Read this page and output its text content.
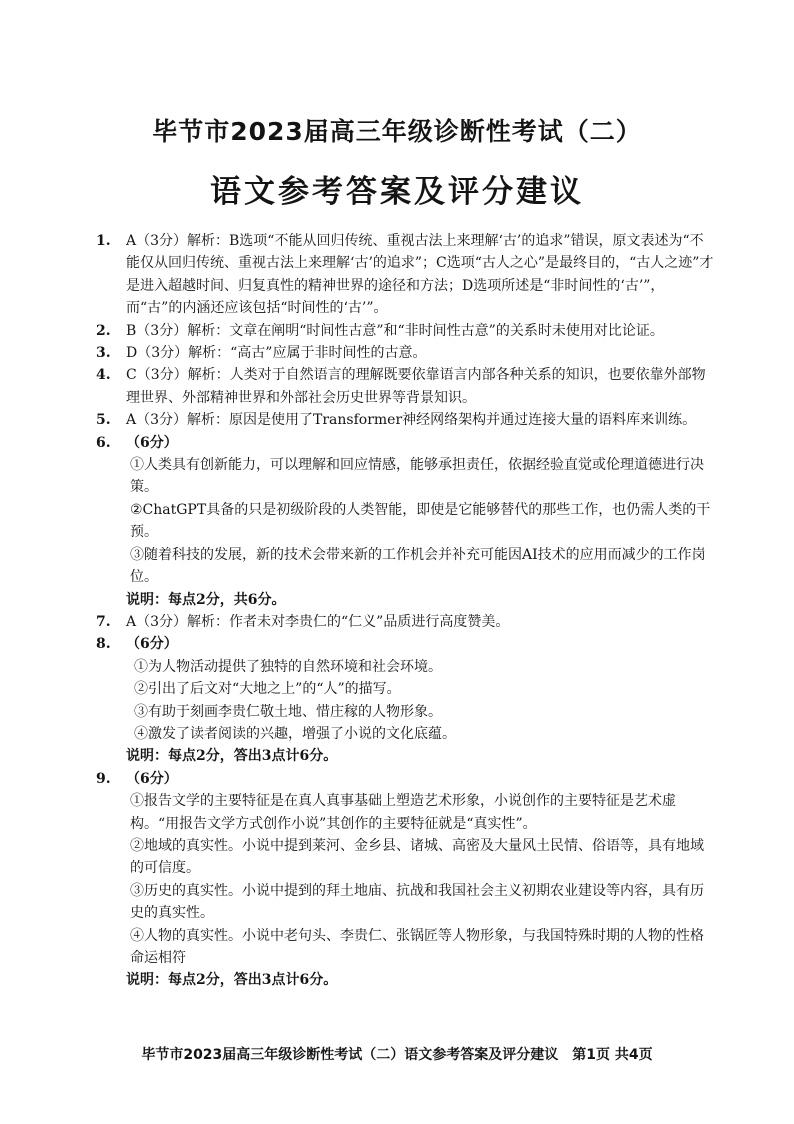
毕节市2023届高三年级诊断性考试（二）
语文参考答案及评分建议
1. A（3分）解析：B选项“不能从回归传统、重视古法上来理解‘古’的追求”错误，原文表述为“不能仅从回归传统、重视古法上来理解‘古’的追求”；C选项“古人之心”是最终目的，“古人之迹”才是进入超越时间、归复真性的精神世界的途径和方法；D选项所述是“非时间性的‘古’”，而“古”的内涵还应该包括“时间性的‘古’”。
2. B（3分）解析：文章在阐明“时间性古意”和“非时间性古意”的关系时未使用对比论证。
3. D（3分）解析：“高古”应属于非时间性的古意。
4. C（3分）解析：人类对于自然语言的理解既要依靠语言内部各种关系的知识，也要依靠外部物理世界、外部精神世界和外部社会历史世界等背景知识。
5. A（3分）解析：原因是使用了Transformer神经网络架构并通过连接大量的语料库来训练。
6. （6分）
①人类具有创新能力，可以理解和回应情感，能够承担责任，依据经验直觉或伦理道德进行决策。
②ChatGPT具备的只是初级阶段的人类智能，即使是它能够替代的那些工作，也仍需人类的干预。
③随着科技的发展，新的技术会带来新的工作机会并补充可能因AI技术的应用而减少的工作岗位。
说明：每点2分，共6分。
7. A（3分）解析：作者未对李贵仁的“仁义”品质进行高度赞美。
8. （6分）
①为人物活动提供了独特的自然环境和社会环境。
②引出了后文对“大地之上”的“人”的描写。
③有助于刻画李贵仁敬土地、惜庄稼的人物形象。
④激发了读者阅读的兴趣，增强了小说的文化底蕴。
说明：每点2分，答出3点计6分。
9. （6分）
①报告文学的主要特征是在真人真事基础上塑造艺术形象，小说创作的主要特征是艺术虚构。“用报告文学方式创作小说”其创作的主要特征就是“真实性”。
②地域的真实性。小说中提到莱河、金乡县、诸城、高密及大量风土民情、俗语等，具有地域的可信度。
③历史的真实性。小说中提到的拜土地庙、抗战和我国社会主义初期农业建设等内容，具有历史的真实性。
④人物的真实性。小说中老句头、李贵仁、张锅匠等人物形象，与我国特殊时期的人物的性格命运相符
说明：每点2分，答出3点计6分。
毕节市2023届高三年级诊断性考试（二）语文参考答案及评分建议　第1页 共4页
